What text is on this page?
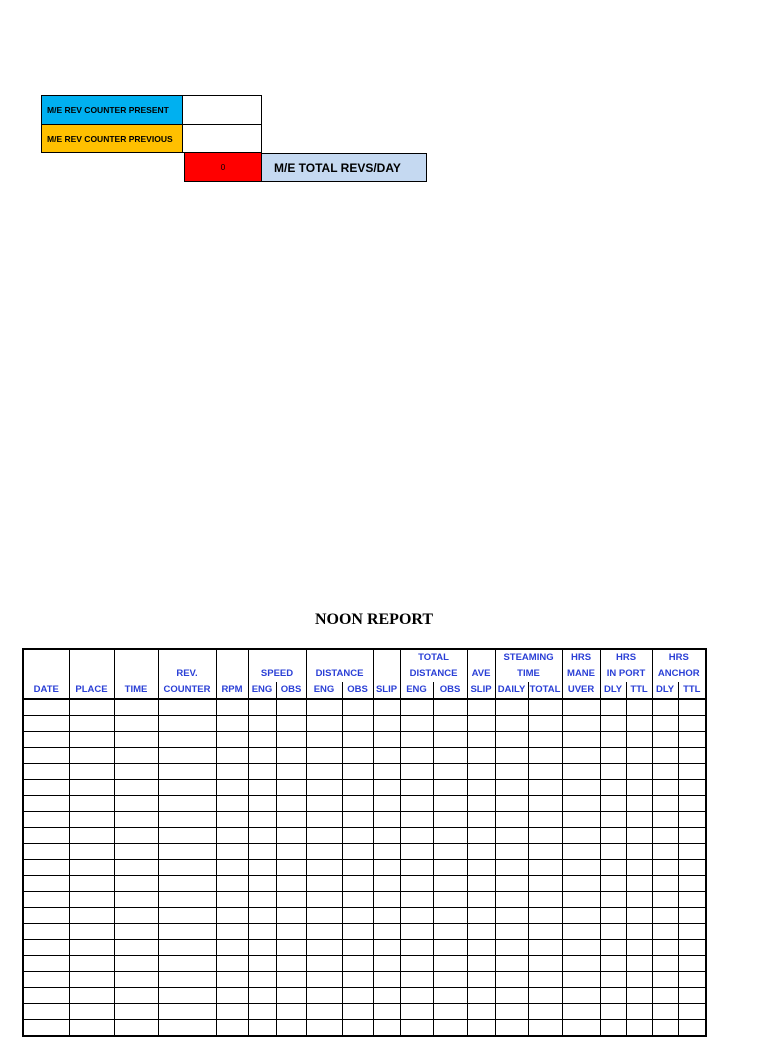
M/E REV COUNTER PRESENT
M/E REV COUNTER PREVIOUS
0	M/E TOTAL REVS/DAY
NOON REPORT
										TOTAL			STEAMING		HRS	HRS		HRS	
			REV.		SPEED		DISTANCE			DISTANCE		AVE	TIME		MANE	IN PORT		ANCHOR	
DATE	PLACE	TIME	COUNTER	RPM	ENG	OBS	ENG	OBS	SLIP	ENG	OBS	SLIP	DAILY	TOTAL	UVER	DLY	TTL	DLY	TTL
